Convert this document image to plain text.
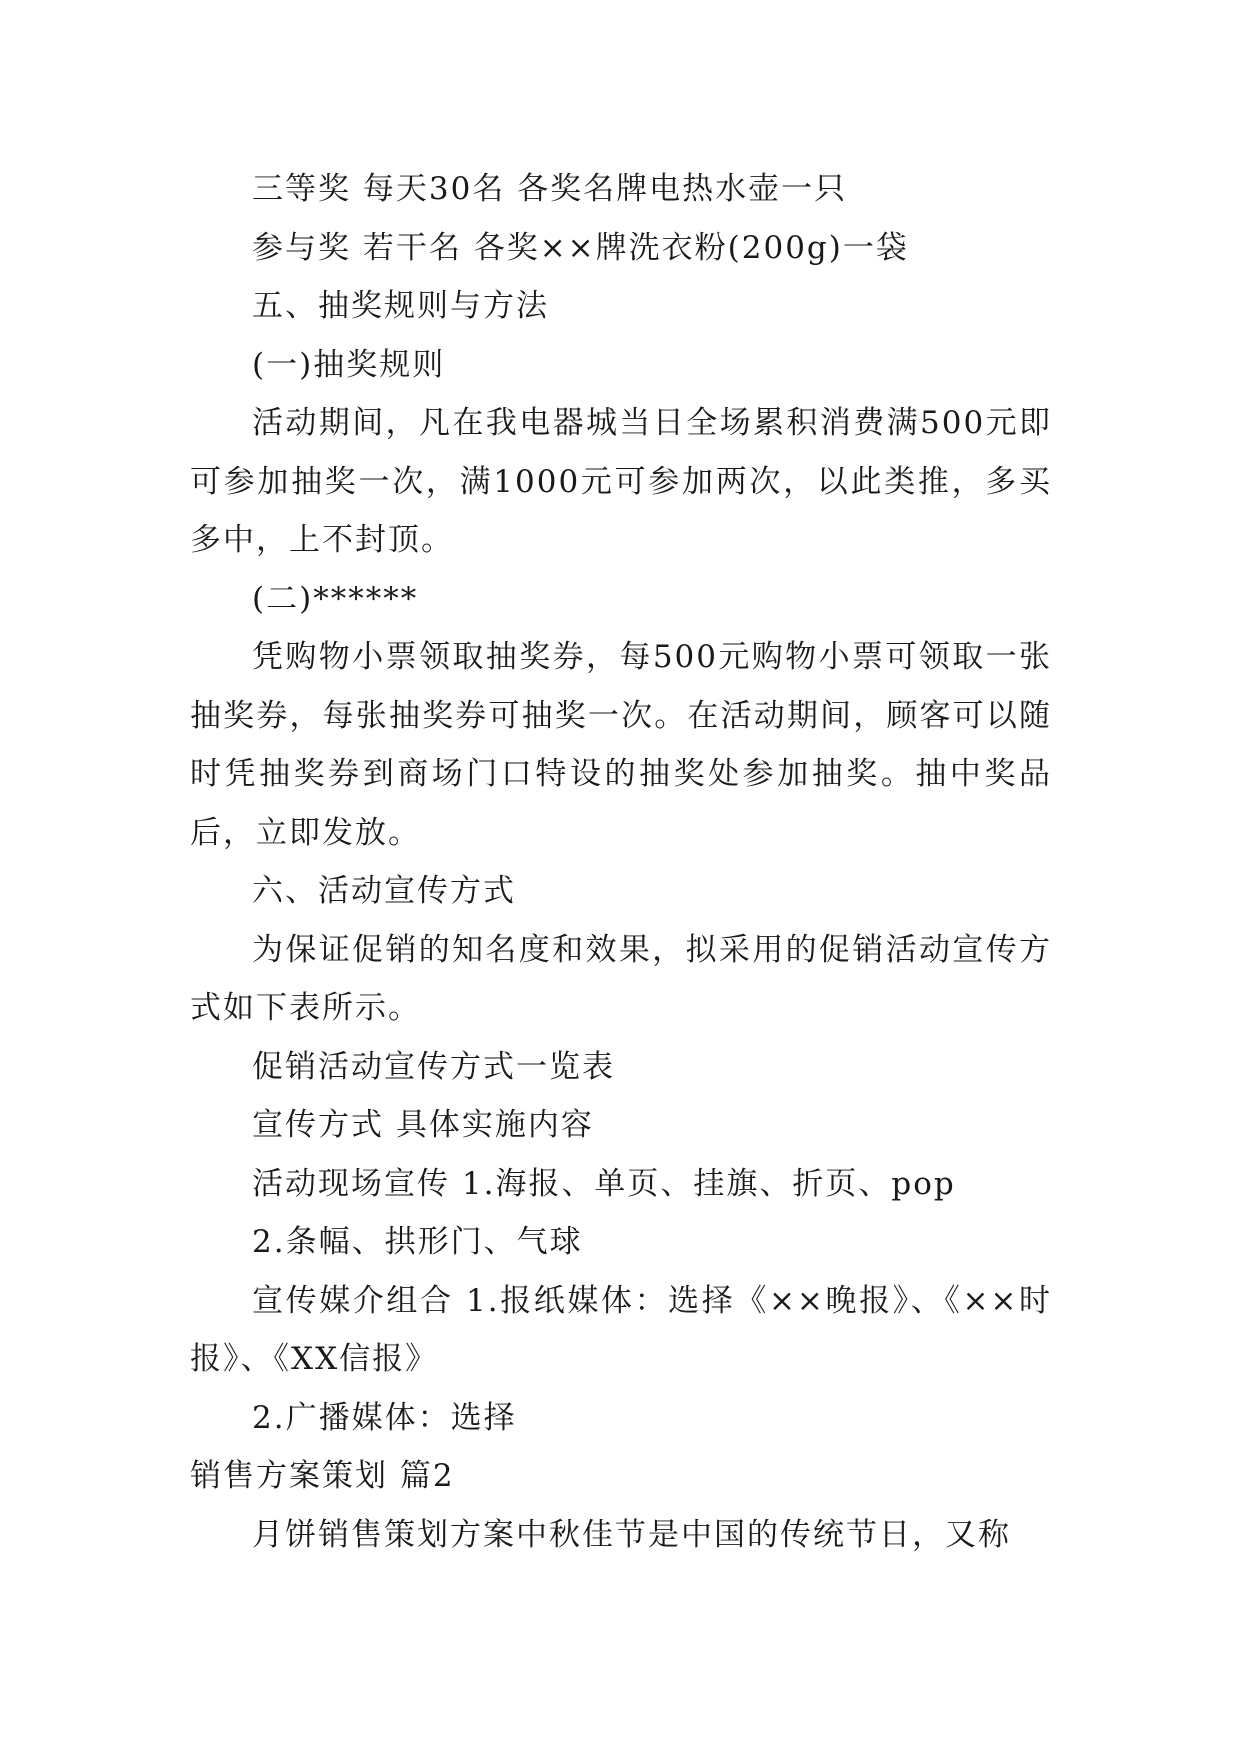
三等奖 每天30名 各奖名牌电热水壶一只

参与奖 若干名 各奖××牌洗衣粉(200g)一袋

五、抽奖规则与方法

(一)抽奖规则

活动期间，凡在我电器城当日全场累积消费满500元即可参加抽奖一次，满1000元可参加两次，以此类推，多买多中，上不封顶。

(二)******

凭购物小票领取抽奖券，每500元购物小票可领取一张抽奖券，每张抽奖券可抽奖一次。在活动期间，顾客可以随时凭抽奖券到商场门口特设的抽奖处参加抽奖。抽中奖品后，立即发放。

六、活动宣传方式

为保证促销的知名度和效果，拟采用的促销活动宣传方式如下表所示。

促销活动宣传方式一览表

宣传方式 具体实施内容

活动现场宣传 1.海报、单页、挂旗、折页、pop

2.条幅、拱形门、气球

宣传媒介组合 1.报纸媒体：选择《××晚报》、《××时报》、《XX信报》

2.广播媒体：选择

销售方案策划 篇2

月饼销售策划方案中秋佳节是中国的传统节日，又称
